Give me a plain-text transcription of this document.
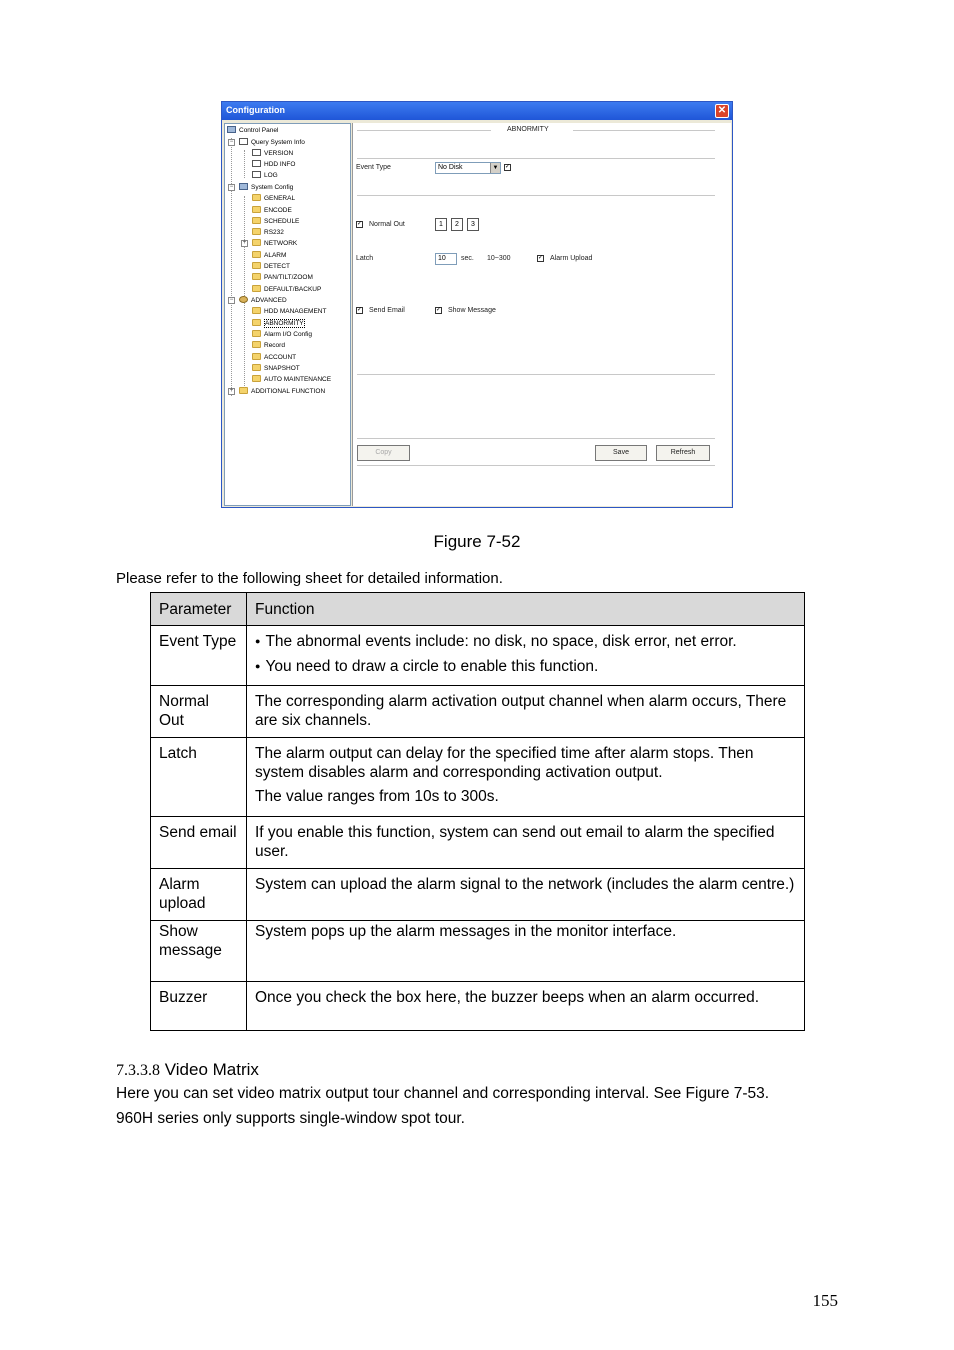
Configuration	✕
Control Panel
−	Query System Info
VERSION
HDD INFO
LOG
−	System Config
GENERAL
ENCODE
SCHEDULE
RS232
+	NETWORK
ALARM
DETECT
PAN/TILT/ZOOM
DEFAULT/BACKUP
−	ADVANCED
HDD MANAGEMENT
ABNORMITY
Alarm I/O Config
Record
ACCOUNT
SNAPSHOT
AUTO MAINTENANCE
+	ADDITIONAL FUNCTION
ABNORMITY
Event Type	No Disk	▼ ✓
✓ Normal Out	1	2	3
Latch	10	sec. 10~300	✓ Alarm Upload
✓ Send Email	✓ Show Message
Copy	Save	Refresh
Figure 7-52
Please refer to the following sheet for detailed information.
Parameter	Function
Event Type	● The abnormal events include: no disk, no space, disk error, net error.
● You need to draw a circle to enable this function.

Normal Out	The corresponding alarm activation output channel when alarm occurs, There are six channels.
Latch	The alarm output can delay for the specified time after alarm stops. Then system disables alarm and corresponding activation output.
The value ranges from 10s to 300s.

Send email	If you enable this function, system can send out email to alarm the specified user.
Alarm upload	System can upload the alarm signal to the network (includes the alarm centre.)
Show message	System pops up the alarm messages in the monitor interface.
Buzzer	Once you check the box here, the buzzer beeps when an alarm occurred.
7.3.3.8 Video Matrix
Here you can set video matrix output tour channel and corresponding interval. See Figure 7-53.
960H series only supports single-window spot tour.
155
